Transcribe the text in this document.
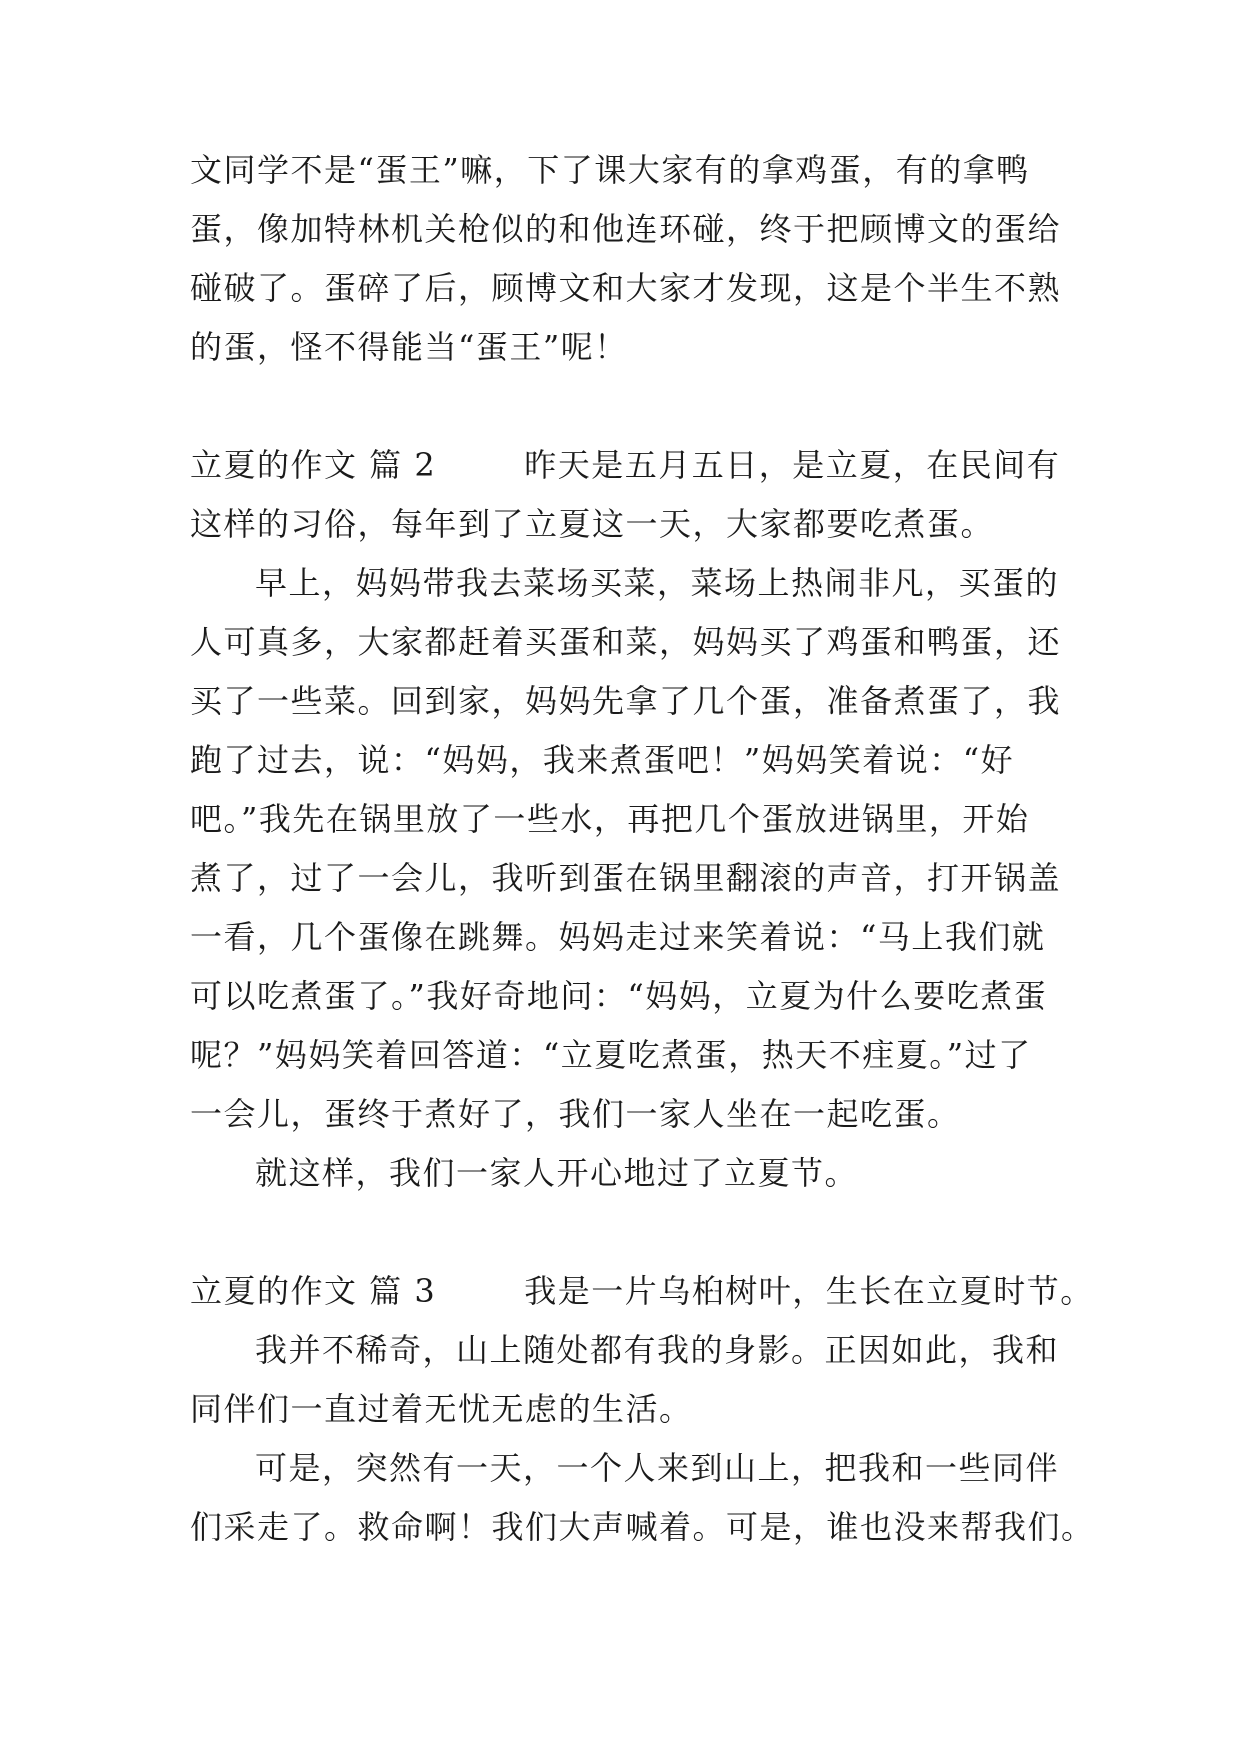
文同学不是“蛋王”嘛，下了课大家有的拿鸡蛋，有的拿鸭
蛋，像加特林机关枪似的和他连环碰，终于把顾博文的蛋给
碰破了。蛋碎了后，顾博文和大家才发现，这是个半生不熟
的蛋，怪不得能当“蛋王”呢！
立夏的作文 篇 2	昨天是五月五日，是立夏，在民间有
这样的习俗，每年到了立夏这一天，大家都要吃煮蛋。
早上，妈妈带我去菜场买菜，菜场上热闹非凡，买蛋的
人可真多，大家都赶着买蛋和菜，妈妈买了鸡蛋和鸭蛋，还
买了一些菜。回到家，妈妈先拿了几个蛋，准备煮蛋了，我
跑了过去，说：“妈妈，我来煮蛋吧！”妈妈笑着说：“好
吧。”我先在锅里放了一些水，再把几个蛋放进锅里，开始
煮了，过了一会儿，我听到蛋在锅里翻滚的声音，打开锅盖
一看，几个蛋像在跳舞。妈妈走过来笑着说：“马上我们就
可以吃煮蛋了。”我好奇地问：“妈妈，立夏为什么要吃煮蛋
呢？”妈妈笑着回答道：“立夏吃煮蛋，热天不疰夏。”过了
一会儿，蛋终于煮好了，我们一家人坐在一起吃蛋。
就这样，我们一家人开心地过了立夏节。
立夏的作文 篇 3	我是一片乌桕树叶，生长在立夏时节。
我并不稀奇，山上随处都有我的身影。正因如此，我和
同伴们一直过着无忧无虑的生活。
可是，突然有一天，一个人来到山上，把我和一些同伴
们采走了。救命啊！我们大声喊着。可是，谁也没来帮我们。
